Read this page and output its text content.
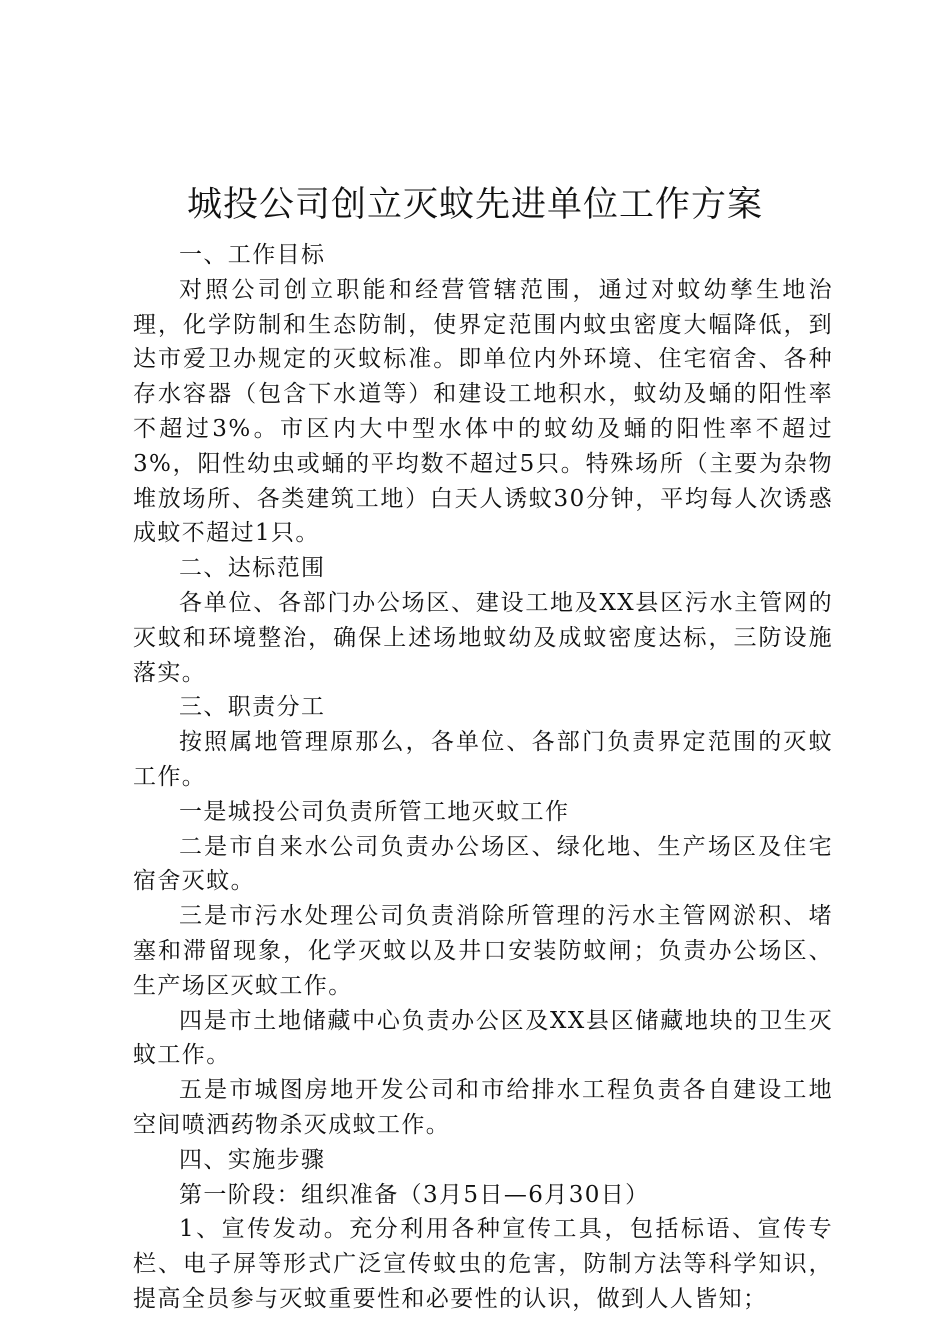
城投公司创立灭蚊先进单位工作方案

一、工作目标

对照公司创立职能和经营管辖范围，通过对蚊幼孳生地治理，化学防制和生态防制，使界定范围内蚊虫密度大幅降低，到达市爱卫办规定的灭蚊标准。即单位内外环境、住宅宿舍、各种存水容器（包含下水道等）和建设工地积水，蚊幼及蛹的阳性率不超过3%。市区内大中型水体中的蚊幼及蛹的阳性率不超过3%，阳性幼虫或蛹的平均数不超过5只。特殊场所（主要为杂物堆放场所、各类建筑工地）白天人诱蚊30分钟，平均每人次诱惑成蚊不超过1只。

二、达标范围

各单位、各部门办公场区、建设工地及XX县区污水主管网的灭蚊和环境整治，确保上述场地蚊幼及成蚊密度达标，三防设施落实。

三、职责分工

按照属地管理原那么，各单位、各部门负责界定范围的灭蚊工作。

一是城投公司负责所管工地灭蚊工作

二是市自来水公司负责办公场区、绿化地、生产场区及住宅宿舍灭蚊。

三是市污水处理公司负责消除所管理的污水主管网淤积、堵塞和滞留现象，化学灭蚊以及井口安装防蚊闸；负责办公场区、生产场区灭蚊工作。

四是市土地储藏中心负责办公区及XX县区储藏地块的卫生灭蚊工作。

五是市城图房地开发公司和市给排水工程负责各自建设工地空间喷洒药物杀灭成蚊工作。

四、实施步骤

第一阶段：组织准备（3月5日—6月30日）

1、宣传发动。充分利用各种宣传工具，包括标语、宣传专栏、电子屏等形式广泛宣传蚊虫的危害，防制方法等科学知识，提高全员参与灭蚊重要性和必要性的认识，做到人人皆知；
